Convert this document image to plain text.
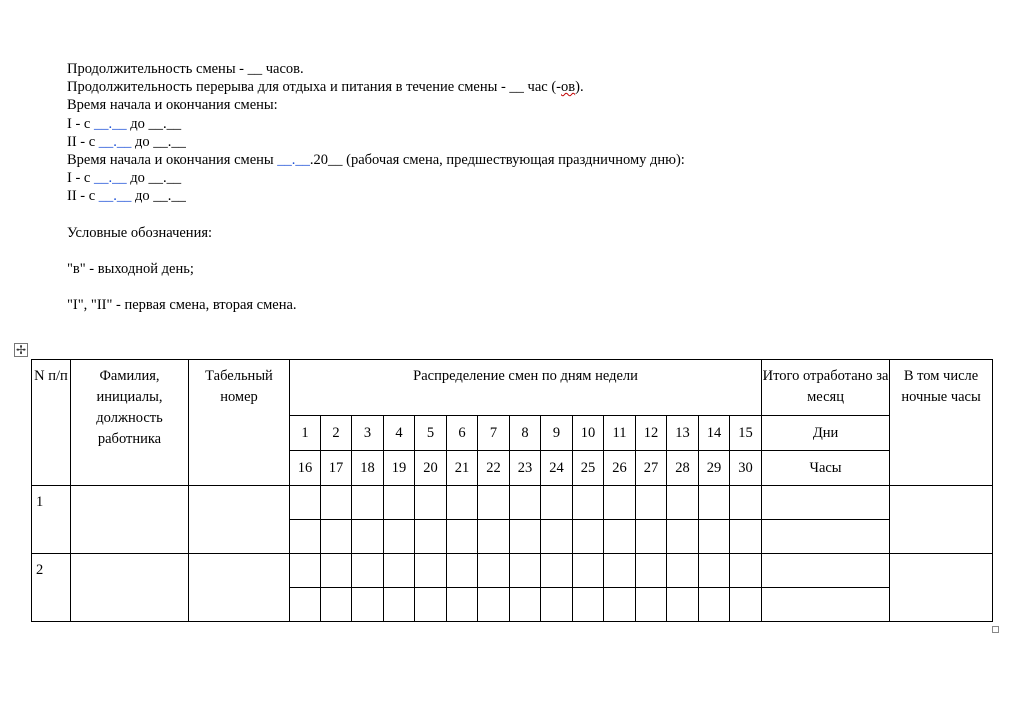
Продолжительность смены - __ часов.
Продолжительность перерыва для отдыха и питания в течение смены - __ час (-ов).
Время начала и окончания смены:
I - с __.__ до __.__
II - с __.__ до __.__
Время начала и окончания смены __.__.20__ (рабочая смена, предшествующая праздничному дню):
I - с __.__ до __.__
II - с __.__ до __.__
Условные обозначения:
"в" - выходной день;
"I", "II" - первая смена, вторая смена.
✢
N п/п	Фамилия, инициалы, должность работника	Табельный номер	Распределение смен по дням недели															Итого отработано за месяц	В том числе ночные часы
			1	2	3	4	5	6	7	8	9	10	11	12	13	14	15	Дни	
			16	17	18	19	20	21	22	23	24	25	26	27	28	29	30	Часы	
1																			

2																			
